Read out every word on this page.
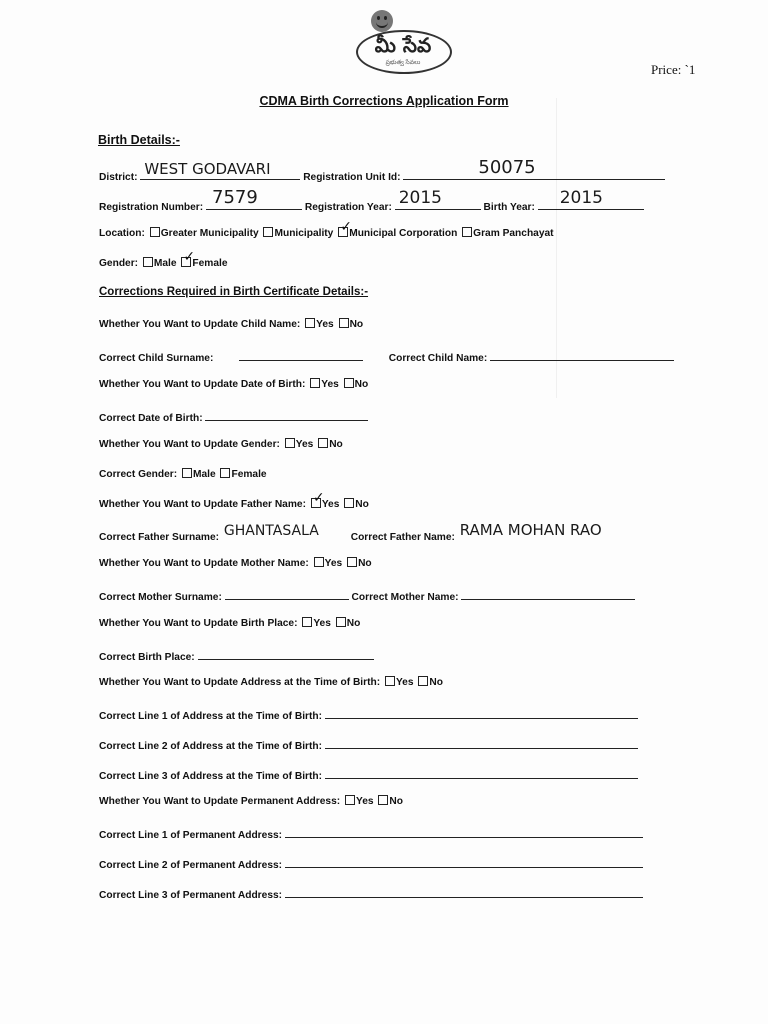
మీ సేవ
ప్రభుత్వ సేవలు	Price: `1
CDMA Birth Corrections Application Form
Birth Details:-
District: WEST GODAVARI	Registration Unit Id:	50075
Registration Number: 7579	Registration Year: 2015	Birth Year: 2015
Location: Greater Municipality Municipality ✓
Municipal Corporation Gram Panchayat
Gender: Male ✓
Female
Corrections Required in Birth Certificate Details:-
Whether You Want to Update Child Name: Yes No
Correct Child Surname:	Correct Child Name:
Whether You Want to Update Date of Birth: Yes No
Correct Date of Birth:
Whether You Want to Update Gender: Yes No
Correct Gender: Male Female
Whether You Want to Update Father Name: ✓
Yes No
Correct Father Surname: GHANTASALA	Correct Father Name: RAMA MOHAN RAO
Whether You Want to Update Mother Name: Yes No
Correct Mother Surname:	Correct Mother Name:
Whether You Want to Update Birth Place: Yes No
Correct Birth Place:
Whether You Want to Update Address at the Time of Birth: Yes No
Correct Line 1 of Address at the Time of Birth:
Correct Line 2 of Address at the Time of Birth:
Correct Line 3 of Address at the Time of Birth:
Whether You Want to Update Permanent Address: Yes No
Correct Line 1 of Permanent Address:
Correct Line 2 of Permanent Address:
Correct Line 3 of Permanent Address:
